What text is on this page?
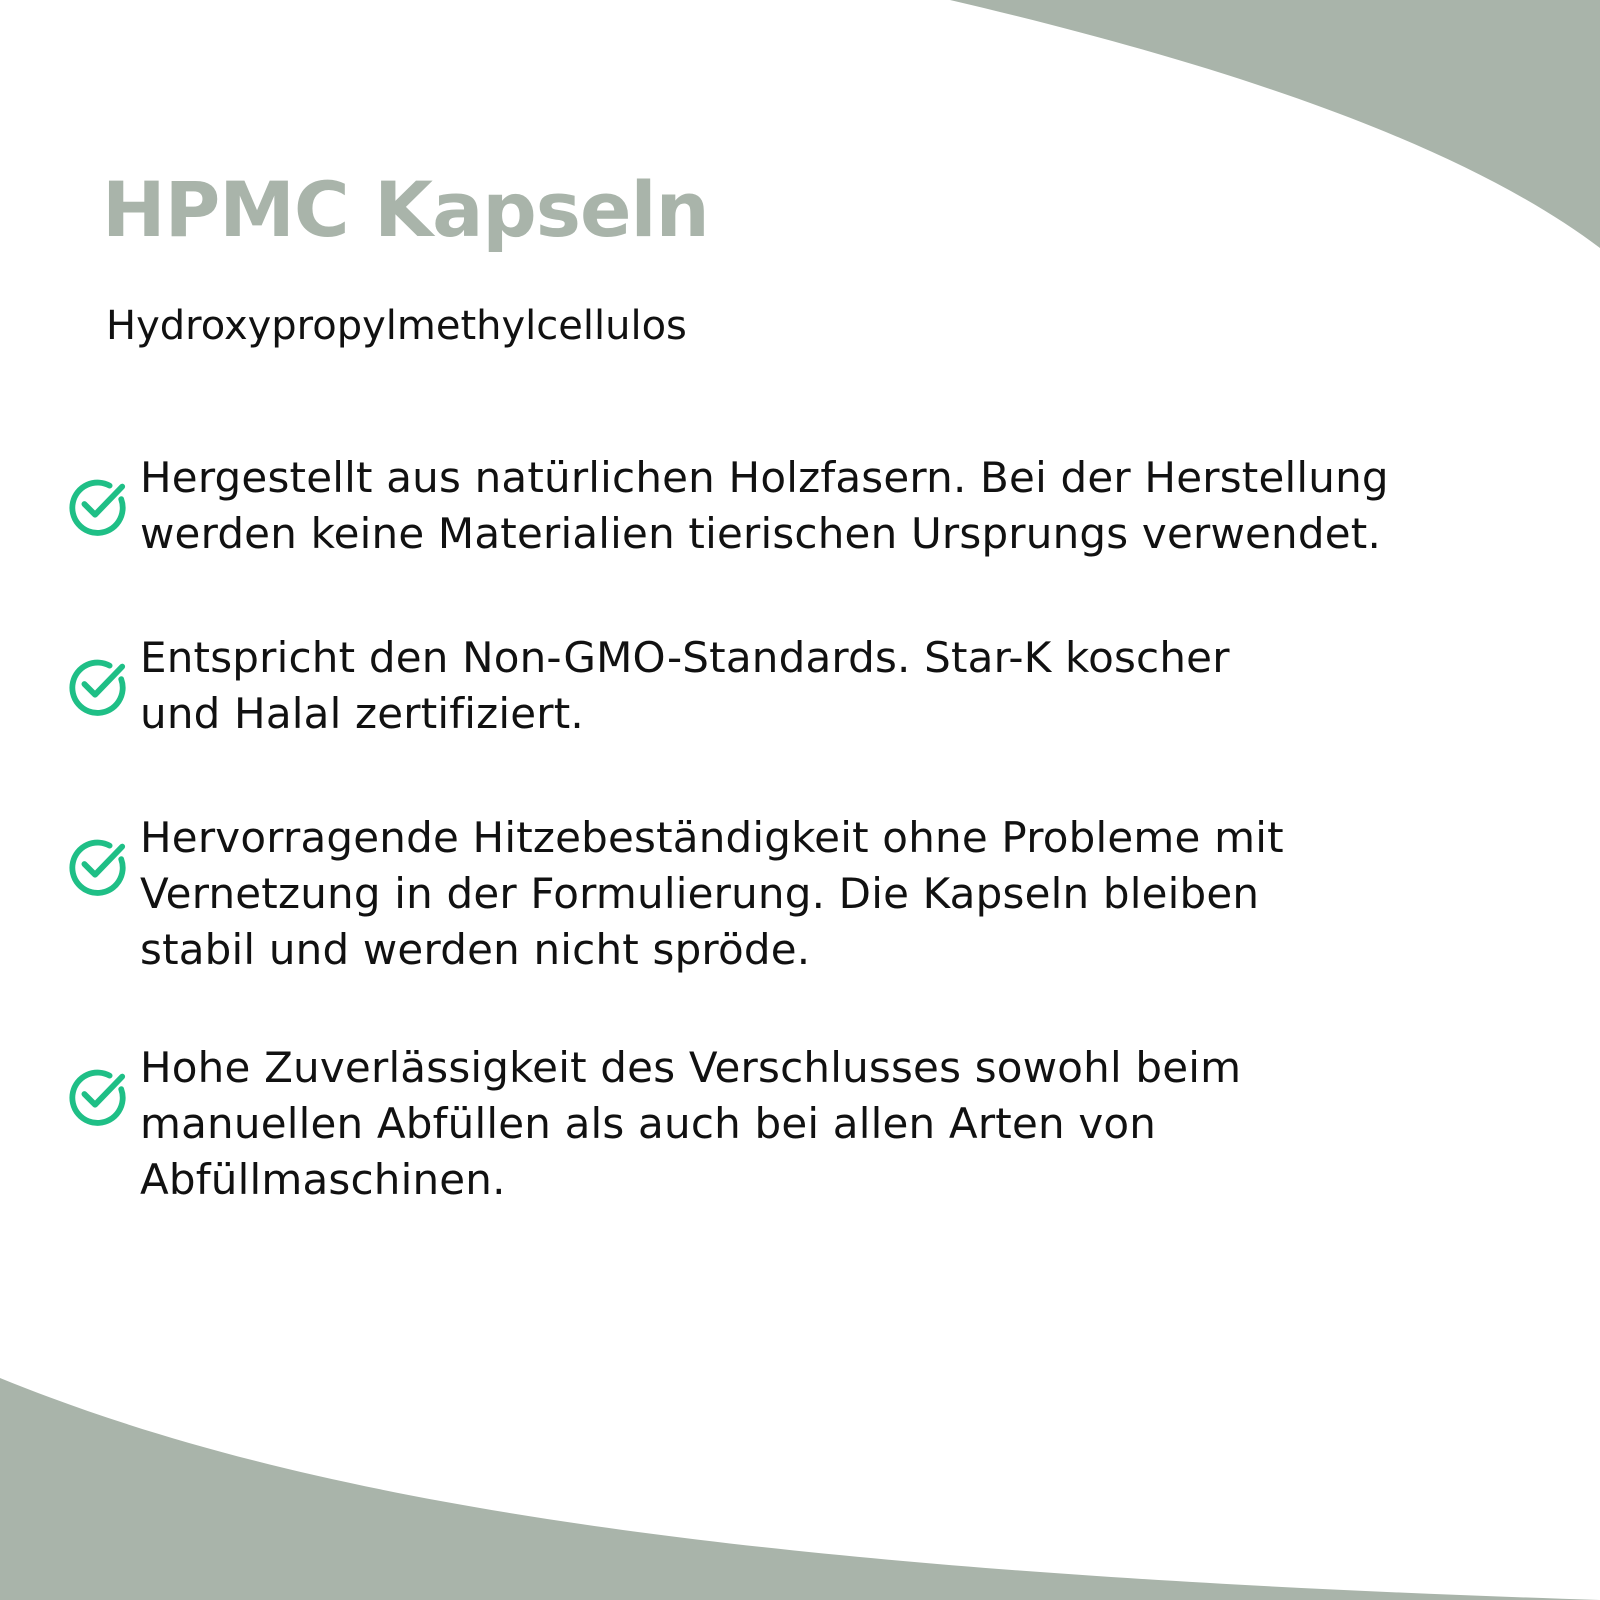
HPMC Kapseln

Hydroxypropylmethylcellulos

Hergestellt aus natürlichen Holzfasern. Bei der Herstellung
werden keine Materialien tierischen Ursprungs verwendet.
Entspricht den Non-GMO-Standards. Star-K koscher
und Halal zertifiziert.
Hervorragende Hitzebeständigkeit ohne Probleme mit
Vernetzung in der Formulierung. Die Kapseln bleiben
stabil und werden nicht spröde.
Hohe Zuverlässigkeit des Verschlusses sowohl beim
manuellen Abfüllen als auch bei allen Arten von
Abfüllmaschinen.
